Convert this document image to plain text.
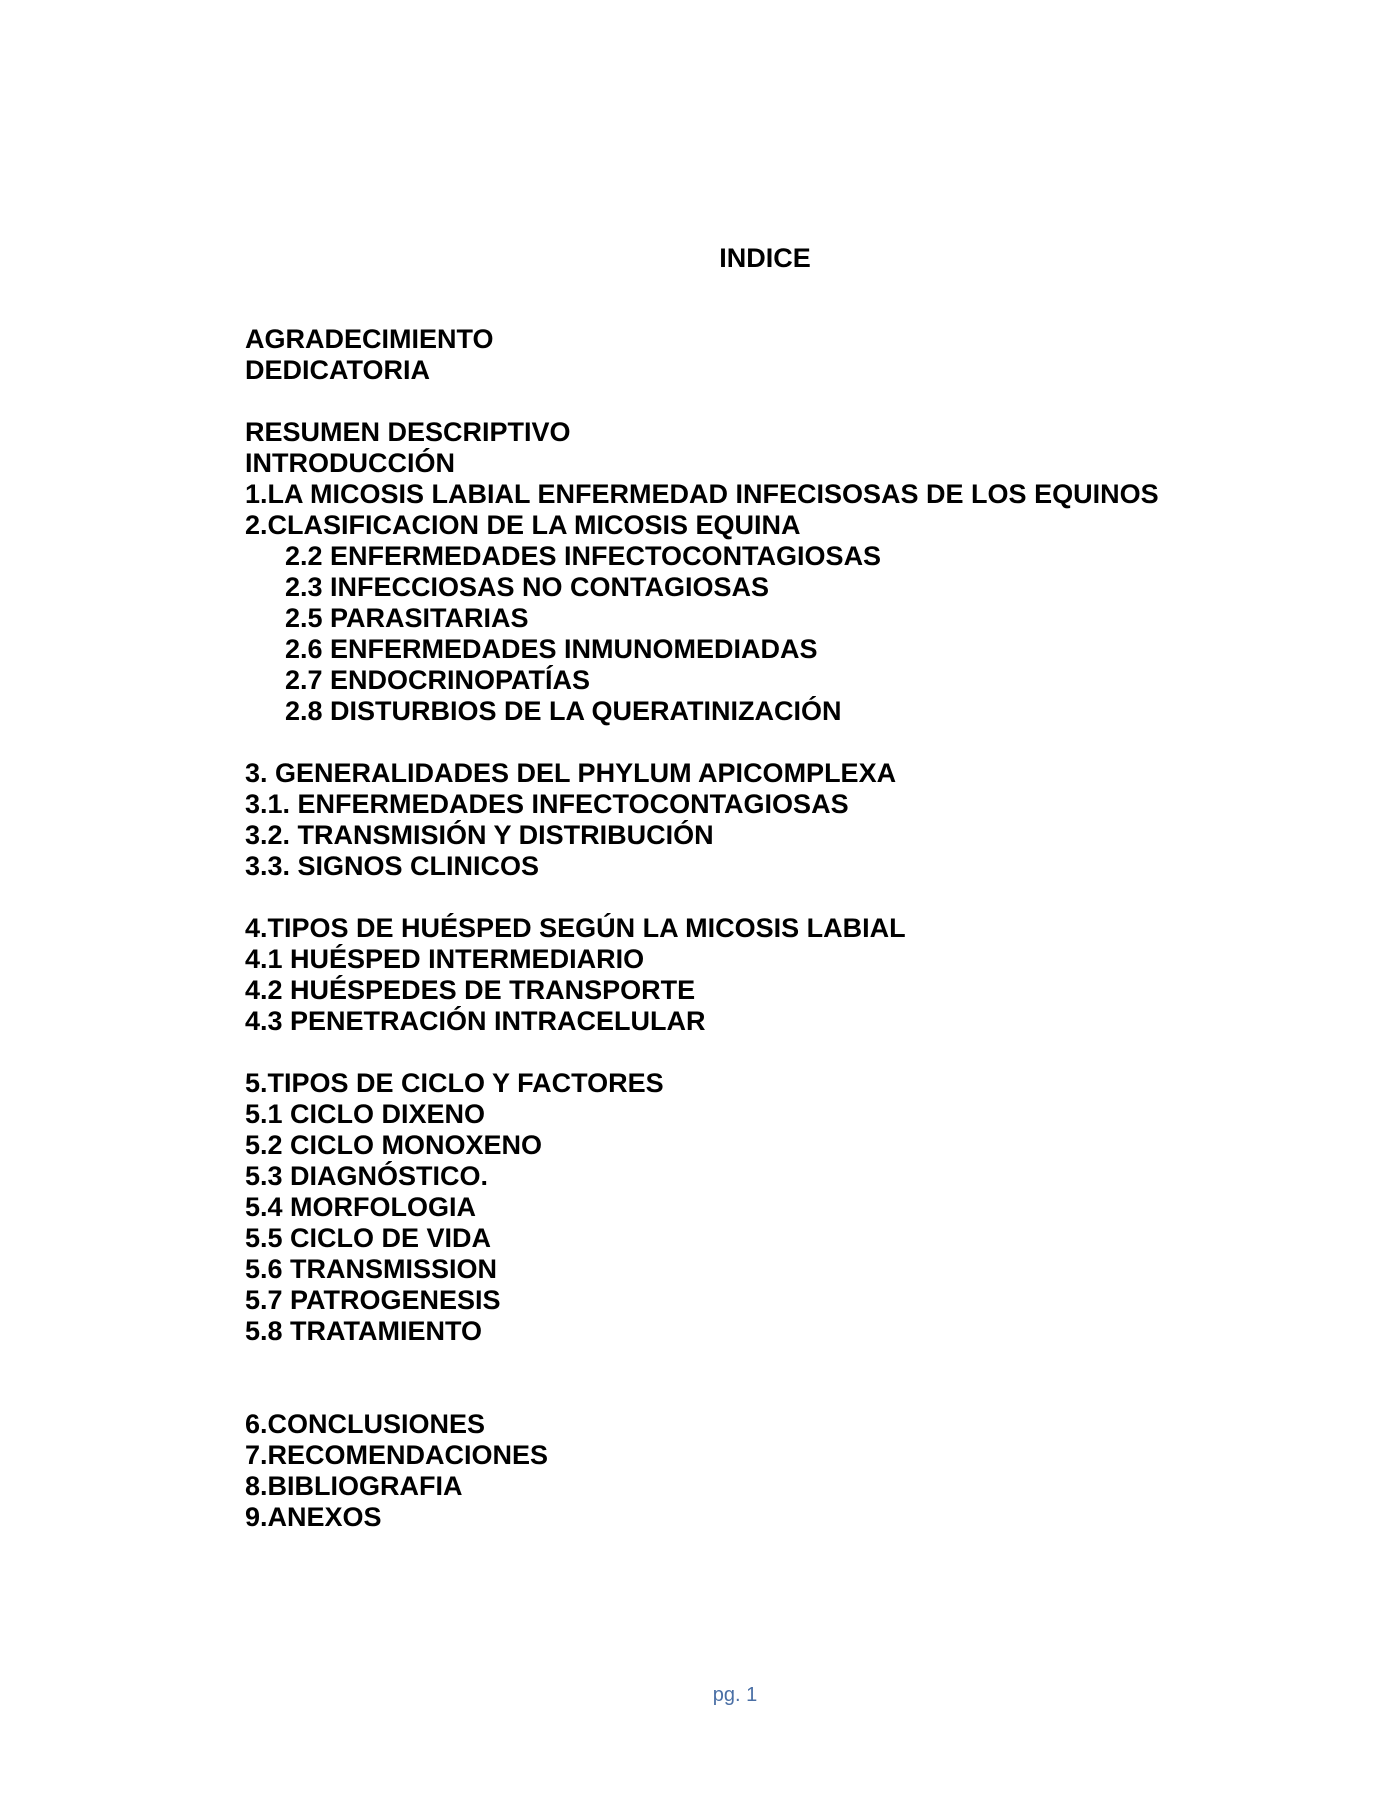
INDICE
AGRADECIMIENTO
DEDICATORIA
RESUMEN DESCRIPTIVO
INTRODUCCIÓN
1.LA MICOSIS LABIAL ENFERMEDAD INFECISOSAS DE LOS EQUINOS
2.CLASIFICACION DE LA MICOSIS EQUINA
2.2 ENFERMEDADES INFECTOCONTAGIOSAS
2.3 INFECCIOSAS NO CONTAGIOSAS
2.5 PARASITARIAS
2.6 ENFERMEDADES INMUNOMEDIADAS
2.7 ENDOCRINOPATÍAS
2.8 DISTURBIOS DE LA QUERATINIZACIÓN
3. GENERALIDADES DEL PHYLUM APICOMPLEXA
3.1. ENFERMEDADES INFECTOCONTAGIOSAS
3.2. TRANSMISIÓN Y DISTRIBUCIÓN
3.3. SIGNOS CLINICOS
4.TIPOS DE HUÉSPED SEGÚN LA MICOSIS LABIAL
4.1 HUÉSPED INTERMEDIARIO
4.2 HUÉSPEDES DE TRANSPORTE
4.3 PENETRACIÓN INTRACELULAR
5.TIPOS DE CICLO Y FACTORES
5.1 CICLO DIXENO
5.2 CICLO MONOXENO
5.3 DIAGNÓSTICO.
5.4 MORFOLOGIA
5.5 CICLO DE VIDA
5.6 TRANSMISSION
5.7 PATROGENESIS
5.8 TRATAMIENTO
6.CONCLUSIONES
7.RECOMENDACIONES
8.BIBLIOGRAFIA
9.ANEXOS
pg. 1
